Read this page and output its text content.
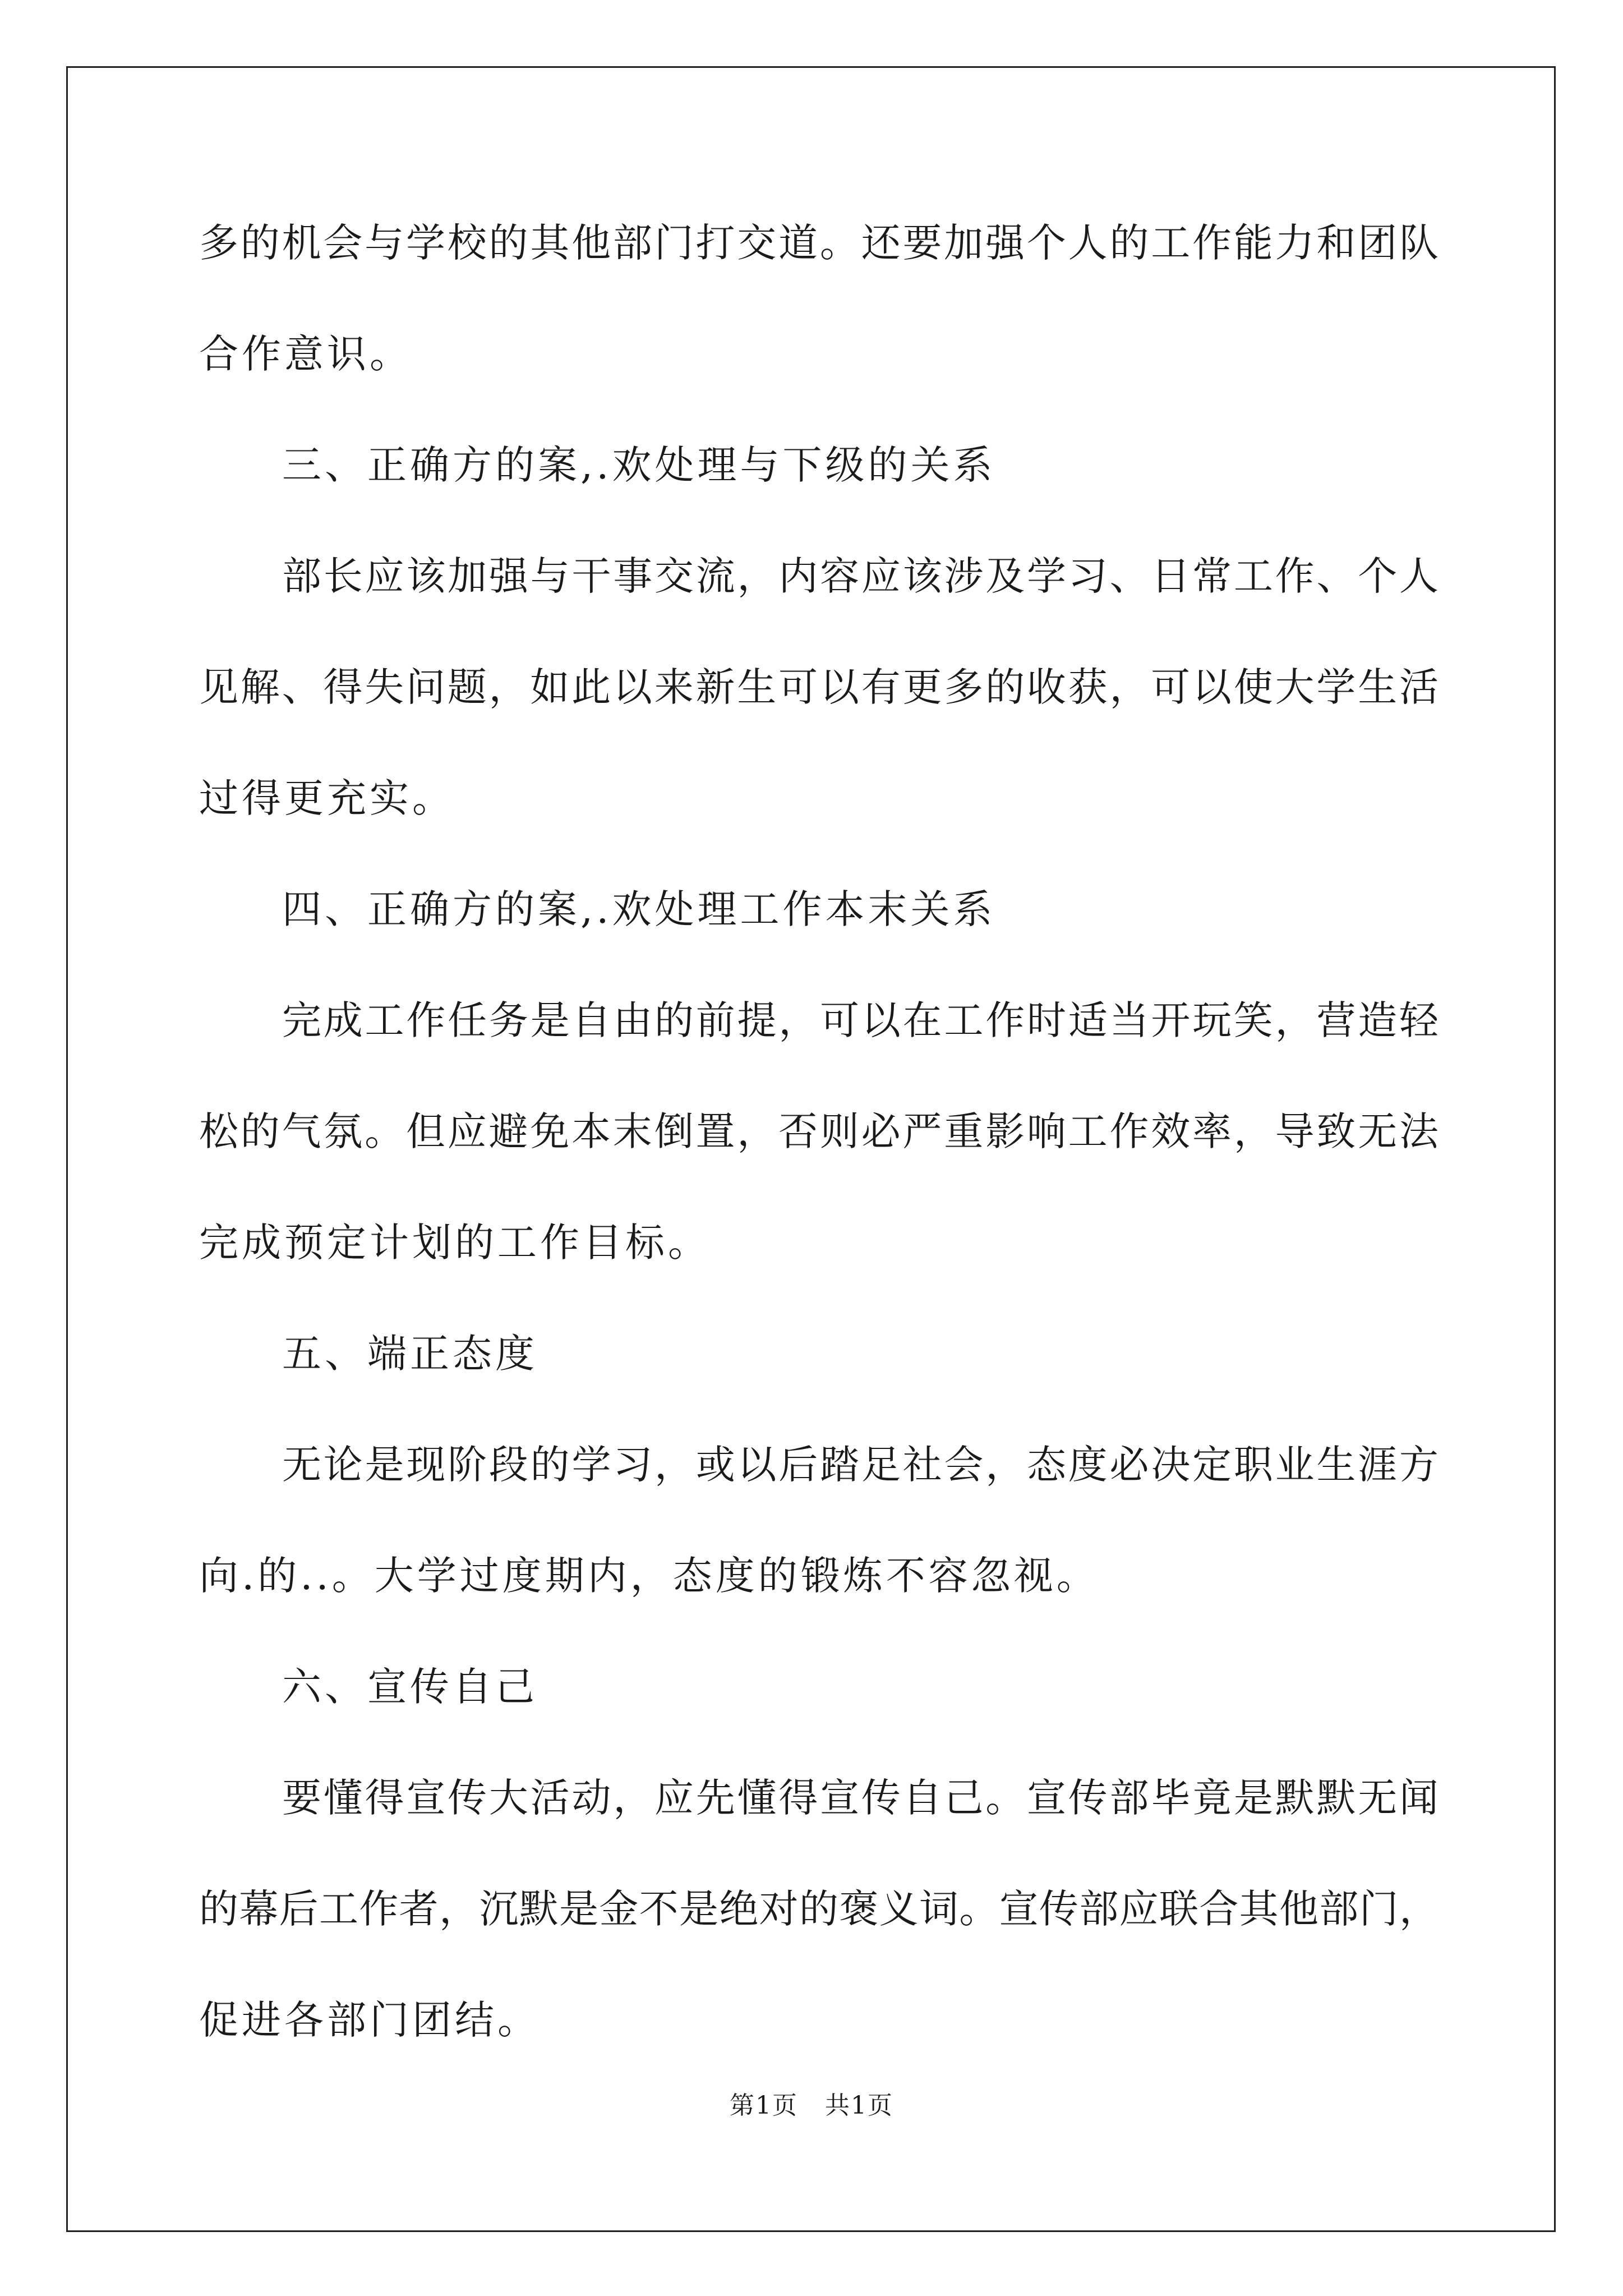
多的机会与学校的其他部门打交道。还要加强个人的工作能力和团队
合作意识。
三、正确方的案,.欢处理与下级的关系
部长应该加强与干事交流，内容应该涉及学习、日常工作、个人
见解、得失问题，如此以来新生可以有更多的收获，可以使大学生活
过得更充实。
四、正确方的案,.欢处理工作本末关系
完成工作任务是自由的前提，可以在工作时适当开玩笑，营造轻
松的气氛。但应避免本末倒置，否则必严重影响工作效率，导致无法
完成预定计划的工作目标。
五、端正态度
无论是现阶段的学习，或以后踏足社会，态度必决定职业生涯方
向.的..。大学过度期内，态度的锻炼不容忽视。
六、宣传自己
要懂得宣传大活动，应先懂得宣传自己。宣传部毕竟是默默无闻
的幕后工作者，沉默是金不是绝对的褒义词。宣传部应联合其他部门，
促进各部门团结。
第1页   共1页
